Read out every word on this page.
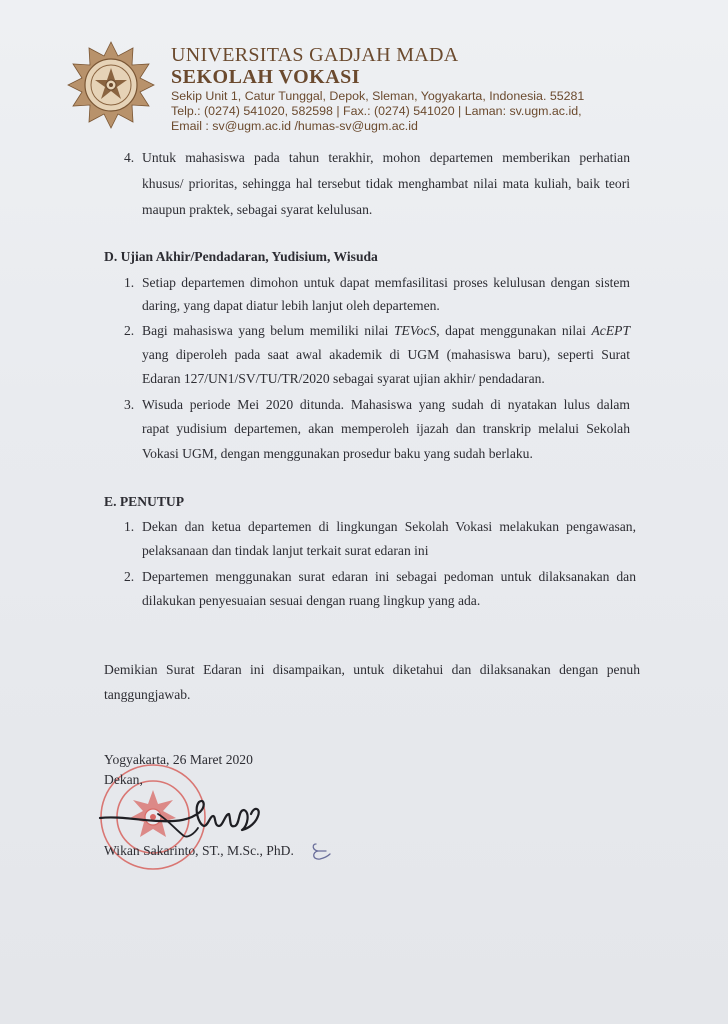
UNIVERSITAS GADJAH MADA
SEKOLAH VOKASI
Sekip Unit 1, Catur Tunggal, Depok, Sleman, Yogyakarta, Indonesia. 55281
Telp.: (0274) 541020, 582598 | Fax.: (0274) 541020 | Laman: sv.ugm.ac.id,
Email : sv@ugm.ac.id /humas-sv@ugm.ac.id
4. Untuk mahasiswa pada tahun terakhir, mohon departemen memberikan perhatian
khusus/ prioritas, sehingga hal tersebut tidak menghambat nilai mata kuliah, baik teori
maupun praktek, sebagai syarat kelulusan.
D. Ujian Akhir/Pendadaran, Yudisium, Wisuda
1. Setiap departemen dimohon untuk dapat memfasilitasi proses kelulusan dengan sistem
daring, yang dapat diatur lebih lanjut oleh departemen.
2. Bagi mahasiswa yang belum memiliki nilai TEVocS, dapat menggunakan nilai AcEPT
yang diperoleh pada saat awal akademik di UGM (mahasiswa baru), seperti Surat
Edaran 127/UN1/SV/TU/TR/2020 sebagai syarat ujian akhir/ pendadaran.
3. Wisuda periode Mei 2020 ditunda. Mahasiswa yang sudah di nyatakan lulus dalam
rapat yudisium departemen, akan memperoleh ijazah dan transkrip melalui Sekolah
Vokasi UGM, dengan menggunakan prosedur baku yang sudah berlaku.
E. PENUTUP
1. Dekan dan ketua departemen di lingkungan Sekolah Vokasi melakukan pengawasan,
pelaksanaan dan tindak lanjut terkait surat edaran ini
2. Departemen menggunakan surat edaran ini sebagai pedoman untuk dilaksanakan dan
dilakukan penyesuaian sesuai dengan ruang lingkup yang ada.
Demikian Surat Edaran ini disampaikan, untuk diketahui dan dilaksanakan dengan penuh
tanggungjawab.
Yogyakarta, 26 Maret 2020
Dekan,
Wikan Sakarinto, ST., M.Sc., PhD.
